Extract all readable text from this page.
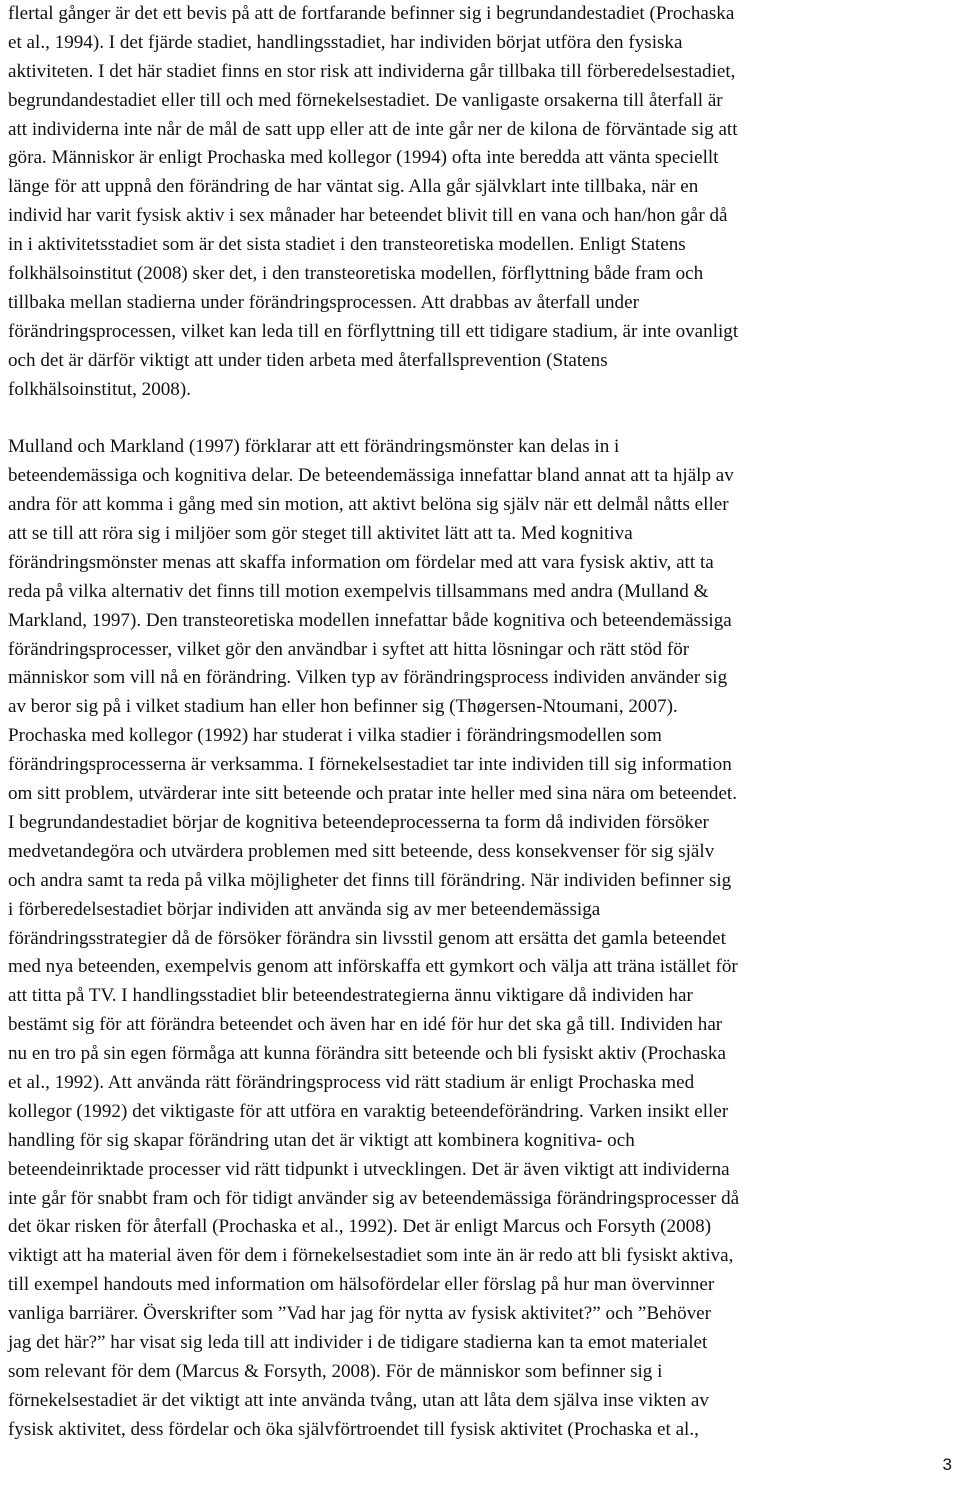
flertal gånger är det ett bevis på att de fortfarande befinner sig i begrundandestadiet (Prochaska
et al., 1994). I det fjärde stadiet, handlingsstadiet, har individen börjat utföra den fysiska
aktiviteten. I det här stadiet finns en stor risk att individerna går tillbaka till förberedelsestadiet,
begrundandestadiet eller till och med förnekelsestadiet. De vanligaste orsakerna till återfall är
att individerna inte når de mål de satt upp eller att de inte går ner de kilona de förväntade sig att
göra. Människor är enligt Prochaska med kollegor (1994) ofta inte beredda att vänta speciellt
länge för att uppnå den förändring de har väntat sig. Alla går självklart inte tillbaka, när en
individ har varit fysisk aktiv i sex månader har beteendet blivit till en vana och han/hon går då
in i aktivitetsstadiet som är det sista stadiet i den transteoretiska modellen. Enligt Statens
folkhälsoinstitut (2008) sker det, i den transteoretiska modellen, förflyttning både fram och
tillbaka mellan stadierna under förändringsprocessen. Att drabbas av återfall under
förändringsprocessen, vilket kan leda till en förflyttning till ett tidigare stadium, är inte ovanligt
och det är därför viktigt att under tiden arbeta med återfallsprevention (Statens
folkhälsoinstitut, 2008).
Mulland och Markland (1997) förklarar att ett förändringsmönster kan delas in i
beteendemässiga och kognitiva delar. De beteendemässiga innefattar bland annat att ta hjälp av
andra för att komma i gång med sin motion, att aktivt belöna sig själv när ett delmål nåtts eller
att se till att röra sig i miljöer som gör steget till aktivitet lätt att ta. Med kognitiva
förändringsmönster menas att skaffa information om fördelar med att vara fysisk aktiv, att ta
reda på vilka alternativ det finns till motion exempelvis tillsammans med andra (Mulland &
Markland, 1997). Den transteoretiska modellen innefattar både kognitiva och beteendemässiga
förändringsprocesser, vilket gör den användbar i syftet att hitta lösningar och rätt stöd för
människor som vill nå en förändring. Vilken typ av förändringsprocess individen använder sig
av beror sig på i vilket stadium han eller hon befinner sig (Thøgersen-Ntoumani, 2007).
Prochaska med kollegor (1992) har studerat i vilka stadier i förändringsmodellen som
förändringsprocesserna är verksamma. I förnekelsestadiet tar inte individen till sig information
om sitt problem, utvärderar inte sitt beteende och pratar inte heller med sina nära om beteendet.
I begrundandestadiet börjar de kognitiva beteendeprocesserna ta form då individen försöker
medvetandegöra och utvärdera problemen med sitt beteende, dess konsekvenser för sig själv
och andra samt ta reda på vilka möjligheter det finns till förändring. När individen befinner sig
i förberedelsestadiet börjar individen att använda sig av mer beteendemässiga
förändringsstrategier då de försöker förändra sin livsstil genom att ersätta det gamla beteendet
med nya beteenden, exempelvis genom att införskaffa ett gymkort och välja att träna istället för
att titta på TV. I handlingsstadiet blir beteendestrategierna ännu viktigare då individen har
bestämt sig för att förändra beteendet och även har en idé för hur det ska gå till. Individen har
nu en tro på sin egen förmåga att kunna förändra sitt beteende och bli fysiskt aktiv (Prochaska
et al., 1992). Att använda rätt förändringsprocess vid rätt stadium är enligt Prochaska med
kollegor (1992) det viktigaste för att utföra en varaktig beteendeförändring. Varken insikt eller
handling för sig skapar förändring utan det är viktigt att kombinera kognitiva- och
beteendeinriktade processer vid rätt tidpunkt i utvecklingen. Det är även viktigt att individerna
inte går för snabbt fram och för tidigt använder sig av beteendemässiga förändringsprocesser då
det ökar risken för återfall (Prochaska et al., 1992). Det är enligt Marcus och Forsyth (2008)
viktigt att ha material även för dem i förnekelsestadiet som inte än är redo att bli fysiskt aktiva,
till exempel handouts med information om hälsofördelar eller förslag på hur man övervinner
vanliga barriärer. Överskrifter som ”Vad har jag för nytta av fysisk aktivitet?” och ”Behöver
jag det här?” har visat sig leda till att individer i de tidigare stadierna kan ta emot materialet
som relevant för dem (Marcus & Forsyth, 2008). För de människor som befinner sig i
förnekelsestadiet är det viktigt att inte använda tvång, utan att låta dem själva inse vikten av
fysisk aktivitet, dess fördelar och öka självförtroendet till fysisk aktivitet (Prochaska et al.,
3
